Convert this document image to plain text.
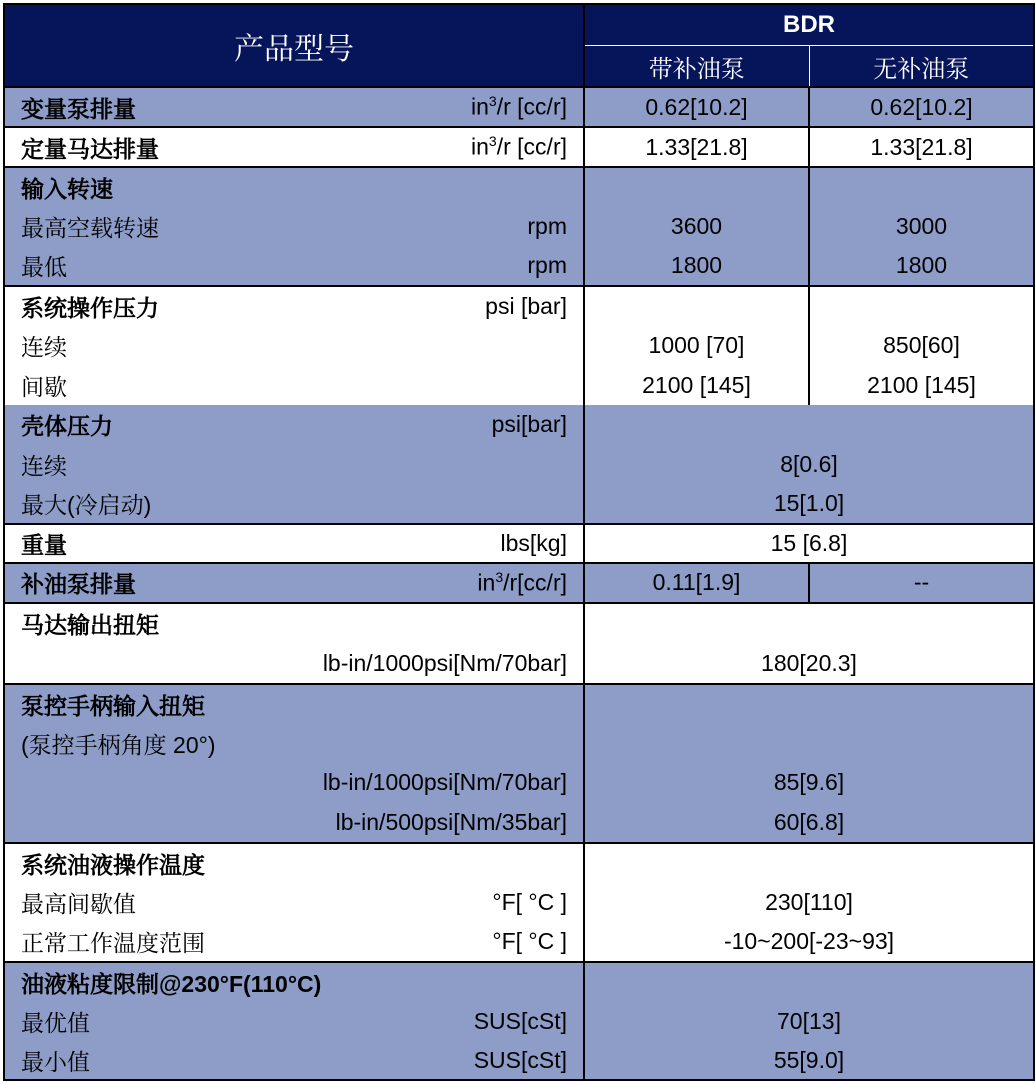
产品型号		BDR	
		带补油泵	无补油泵
变量泵排量	$in^3/r$ [cc/r]	0.62[10.2]	0.62[10.2]
定量马达排量	$in^3/r$ [cc/r]	1.33[21.8]	1.33[21.8]
输入转速			
最高空载转速	rpm	3600	3000
最低	rpm	1800	1800
系统操作压力	psi [bar]		
连续		1000 [70]	850[60]
间歇		2100 [145]	2100 [145]
壳体压力	psi[bar]		
连续		8[0.6]	
最大(冷启动)		15[1.0]	
重量	lbs[kg]	15 [6.8]	
补油泵排量	$in^3/r[cc/r]$	0.11[1.9]	--
马达输出扭矩			
lb-in/1000psi[Nm/70bar]		180[20.3]	
泵控手柄输入扭矩			
(泵控手柄角度 20°)			
lb-in/1000psi[Nm/70bar]		85[9.6]	
lb-in/500psi[Nm/35bar]		60[6.8]	
系统油液操作温度			
最高间歇值	°F[ °C ]	230[110]	
正常工作温度范围	°F[ °C ]	-10~200[-23~93]	
油液粘度限制@230°F(110°C)			
最优值	SUS[cSt]	70[13]	
最小值	SUS[cSt]	55[9.0]	
